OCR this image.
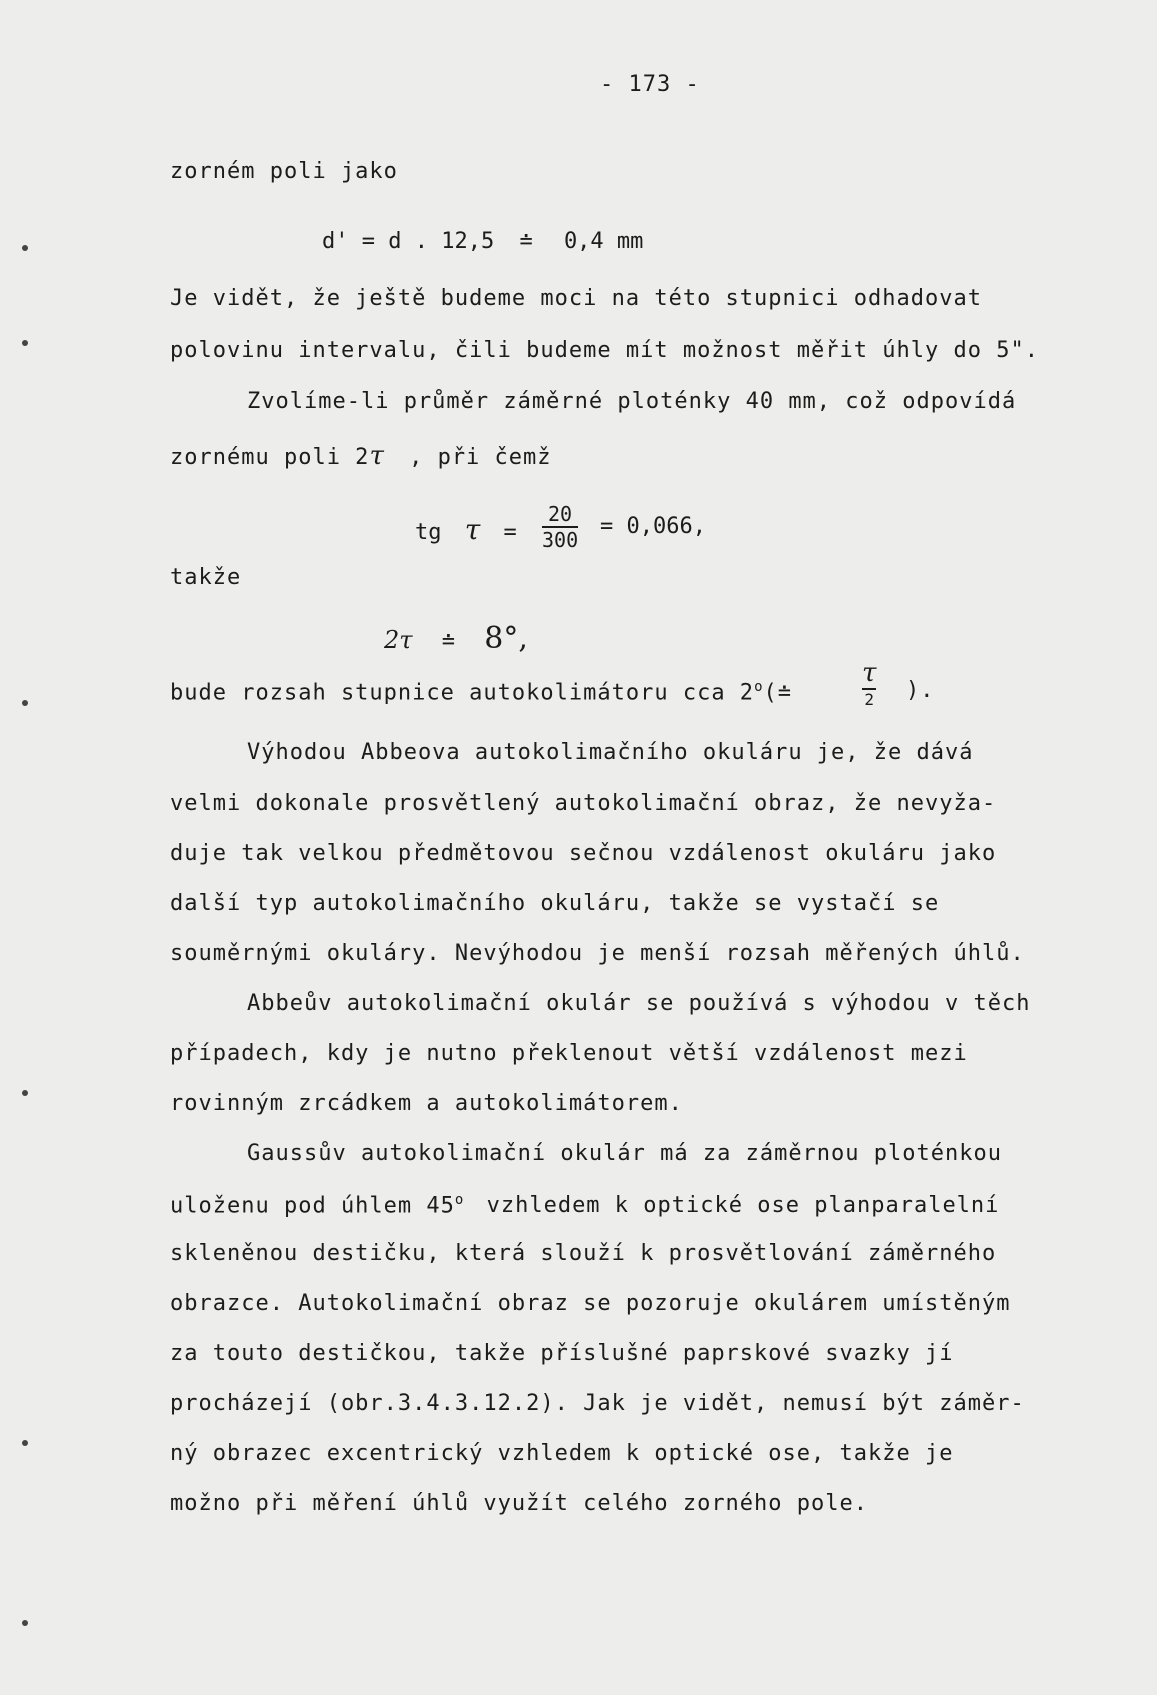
- 173 -
zorném poli jako
d' = d . 12,5 ≐ 0,4 mm
Je vidět, že ještě budeme moci na této stupnici odhadovat
polovinu intervalu, čili budeme mít možnost měřit úhly do 5".
Zvolíme-li průměr záměrné ploténky 40 mm, což odpovídá
zornému poli 2τ , při čemž
tg τ =
20
300
= 0,066,
takže
2τ ≐ 8°,
bude rozsah stupnice autokolimátoru cca 2$^o$(≐
τ
2 ).
Výhodou Abbeova autokolimačního okuláru je, že dává
velmi dokonale prosvětlený autokolimační obraz, že nevyža-
duje tak velkou předmětovou sečnou vzdálenost okuláru jako
další typ autokolimačního okuláru, takže se vystačí se
souměrnými okuláry. Nevýhodou je menší rozsah měřených úhlů.
Abbeův autokolimační okulár se používá s výhodou v těch
případech, kdy je nutno překlenout větší vzdálenost mezi
rovinným zrcádkem a autokolimátorem.
Gaussův autokolimační okulár má za záměrnou ploténkou
uloženu pod úhlem 45$^o$ vzhledem k optické ose planparalelní
skleněnou destičku, která slouží k prosvětlování záměrného
obrazce. Autokolimační obraz se pozoruje okulárem umístěným
za touto destičkou, takže příslušné paprskové svazky jí
procházejí (obr.3.4.3.12.2). Jak je vidět, nemusí být záměr-
ný obrazec excentrický vzhledem k optické ose, takže je
možno při měření úhlů využít celého zorného pole.
